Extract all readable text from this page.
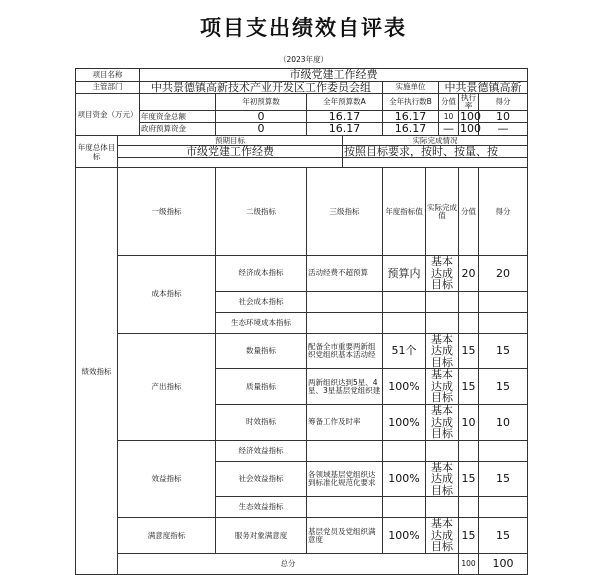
项目支出绩效自评表
（2023年度）
项目名称		市级党建工作经费									
主管部门		中共景德镇高新技术产业开发区工作委员会组				实施单位		中共景德镇高新			
项目资金（万元）			年初预算数	全年预算数A		全年执行数B		分值	执行率	得分	
		年度资金总额	0	16.17		16.17		10	100	10	
		政府预算资金	0	16.17		16.17		—	100	—	
年度总体目标	预期目标				实际完成情况						
	市级党建工作经费				按照目标要求，按时、按量、按						

绩效指标	一级指标		二级指标	三级指标		年度指标值	实际完成值		分值	得分	
	成本指标		经济成本指标	活动经费不超预算		预算内	基本达成目标		20	20	
			社会成本指标								
			生态环境成本指标								
	产出指标		数量指标	配备全市重要两新组织党组织基本活动经		51个	基本达成目标		15	15	
			质量指标	两新组织达到5星、4星、3星基层党组织建		100%	基本达成目标		15	15	
			时效指标	筹备工作及时率		100%	基本达成目标		10	10	
	效益指标		经济效益指标								
			社会效益指标	各领域基层党组织达到标准化规范化要求		100%	基本达成目标		15	15	
			生态效益指标								
	满意度指标		服务对象满意度	基层党员及党组织满意度		100%	基本达成目标		15	15	
	总分								100	100	
